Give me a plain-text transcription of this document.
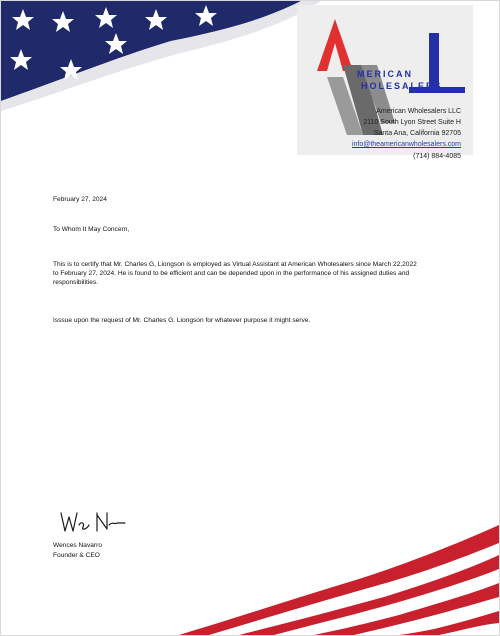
MERICAN
HOLESALERS
American Wholesalers LLC
2110 South Lyon Street Suite H
Santa Ana, California 92705
info@theamericanwholesalers.com
(714) 884-4085
February 27, 2024
To Whom It May Concern,
This is to certify that Mr. Charles G, Liongson is employed as Virtual Assistant at American Wholesalers since March 22,2022
to February 27, 2024. He is found to be efficient and can be depended upon in the performance of his assigned duties and
responsibilities.
Isssue upon the request of Mr. Charles G. Liongson for whatever purpose it might serve.
Wences Navarro
Founder & CEO
